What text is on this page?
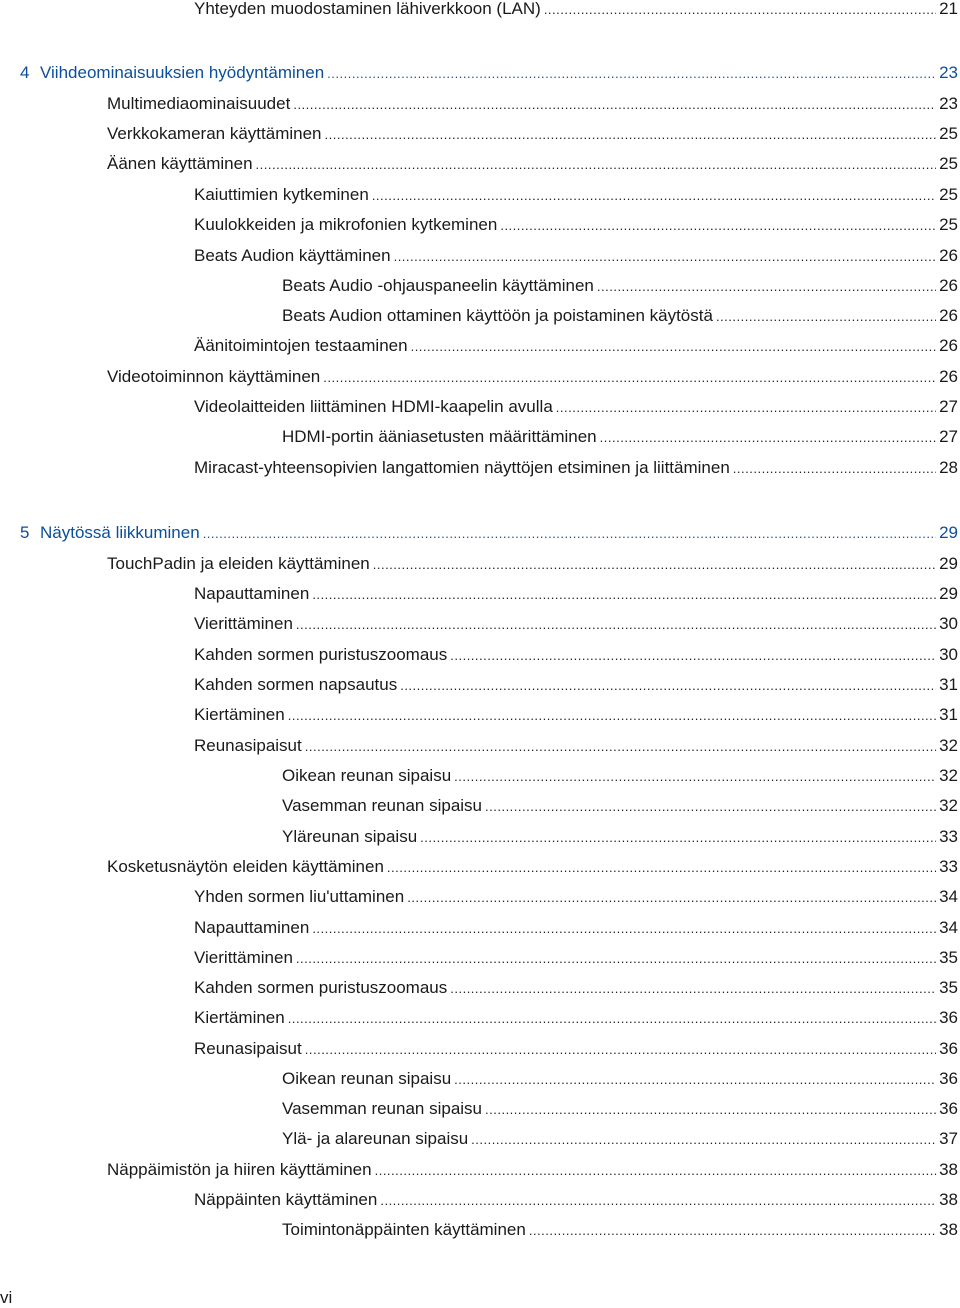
Yhteyden muodostaminen lähiverkkoon (LAN) .....	21
4 Viihdeominaisuuksien hyödyntäminen .....	23
Multimediaominaisuudet .....	23
Verkkokameran käyttäminen .....	25
Äänen käyttäminen .....	25
Kaiuttimien kytkeminen .....	25
Kuulokkeiden ja mikrofonien kytkeminen .....	25
Beats Audion käyttäminen .....	26
Beats Audio -ohjauspaneelin käyttäminen .....	26
Beats Audion ottaminen käyttöön ja poistaminen käytöstä .....	26
Äänitoimintojen testaaminen .....	26
Videotoiminnon käyttäminen .....	26
Videolaitteiden liittäminen HDMI-kaapelin avulla .....	27
HDMI-portin ääniasetusten määrittäminen .....	27
Miracast-yhteensopivien langattomien näyttöjen etsiminen ja liittäminen .....	28
5 Näytössä liikkuminen .....	29
TouchPadin ja eleiden käyttäminen .....	29
Napauttaminen .....	29
Vierittäminen .....	30
Kahden sormen puristuszoomaus .....	30
Kahden sormen napsautus .....	31
Kiertäminen .....	31
Reunasipaisut .....	32
Oikean reunan sipaisu .....	32
Vasemman reunan sipaisu .....	32
Yläreunan sipaisu .....	33
Kosketusnäytön eleiden käyttäminen .....	33
Yhden sormen liu'uttaminen .....	34
Napauttaminen .....	34
Vierittäminen .....	35
Kahden sormen puristuszoomaus .....	35
Kiertäminen .....	36
Reunasipaisut .....	36
Oikean reunan sipaisu .....	36
Vasemman reunan sipaisu .....	36
Ylä- ja alareunan sipaisu .....	37
Näppäimistön ja hiiren käyttäminen .....	38
Näppäinten käyttäminen .....	38
Toimintonäppäinten käyttäminen .....	38
vi
